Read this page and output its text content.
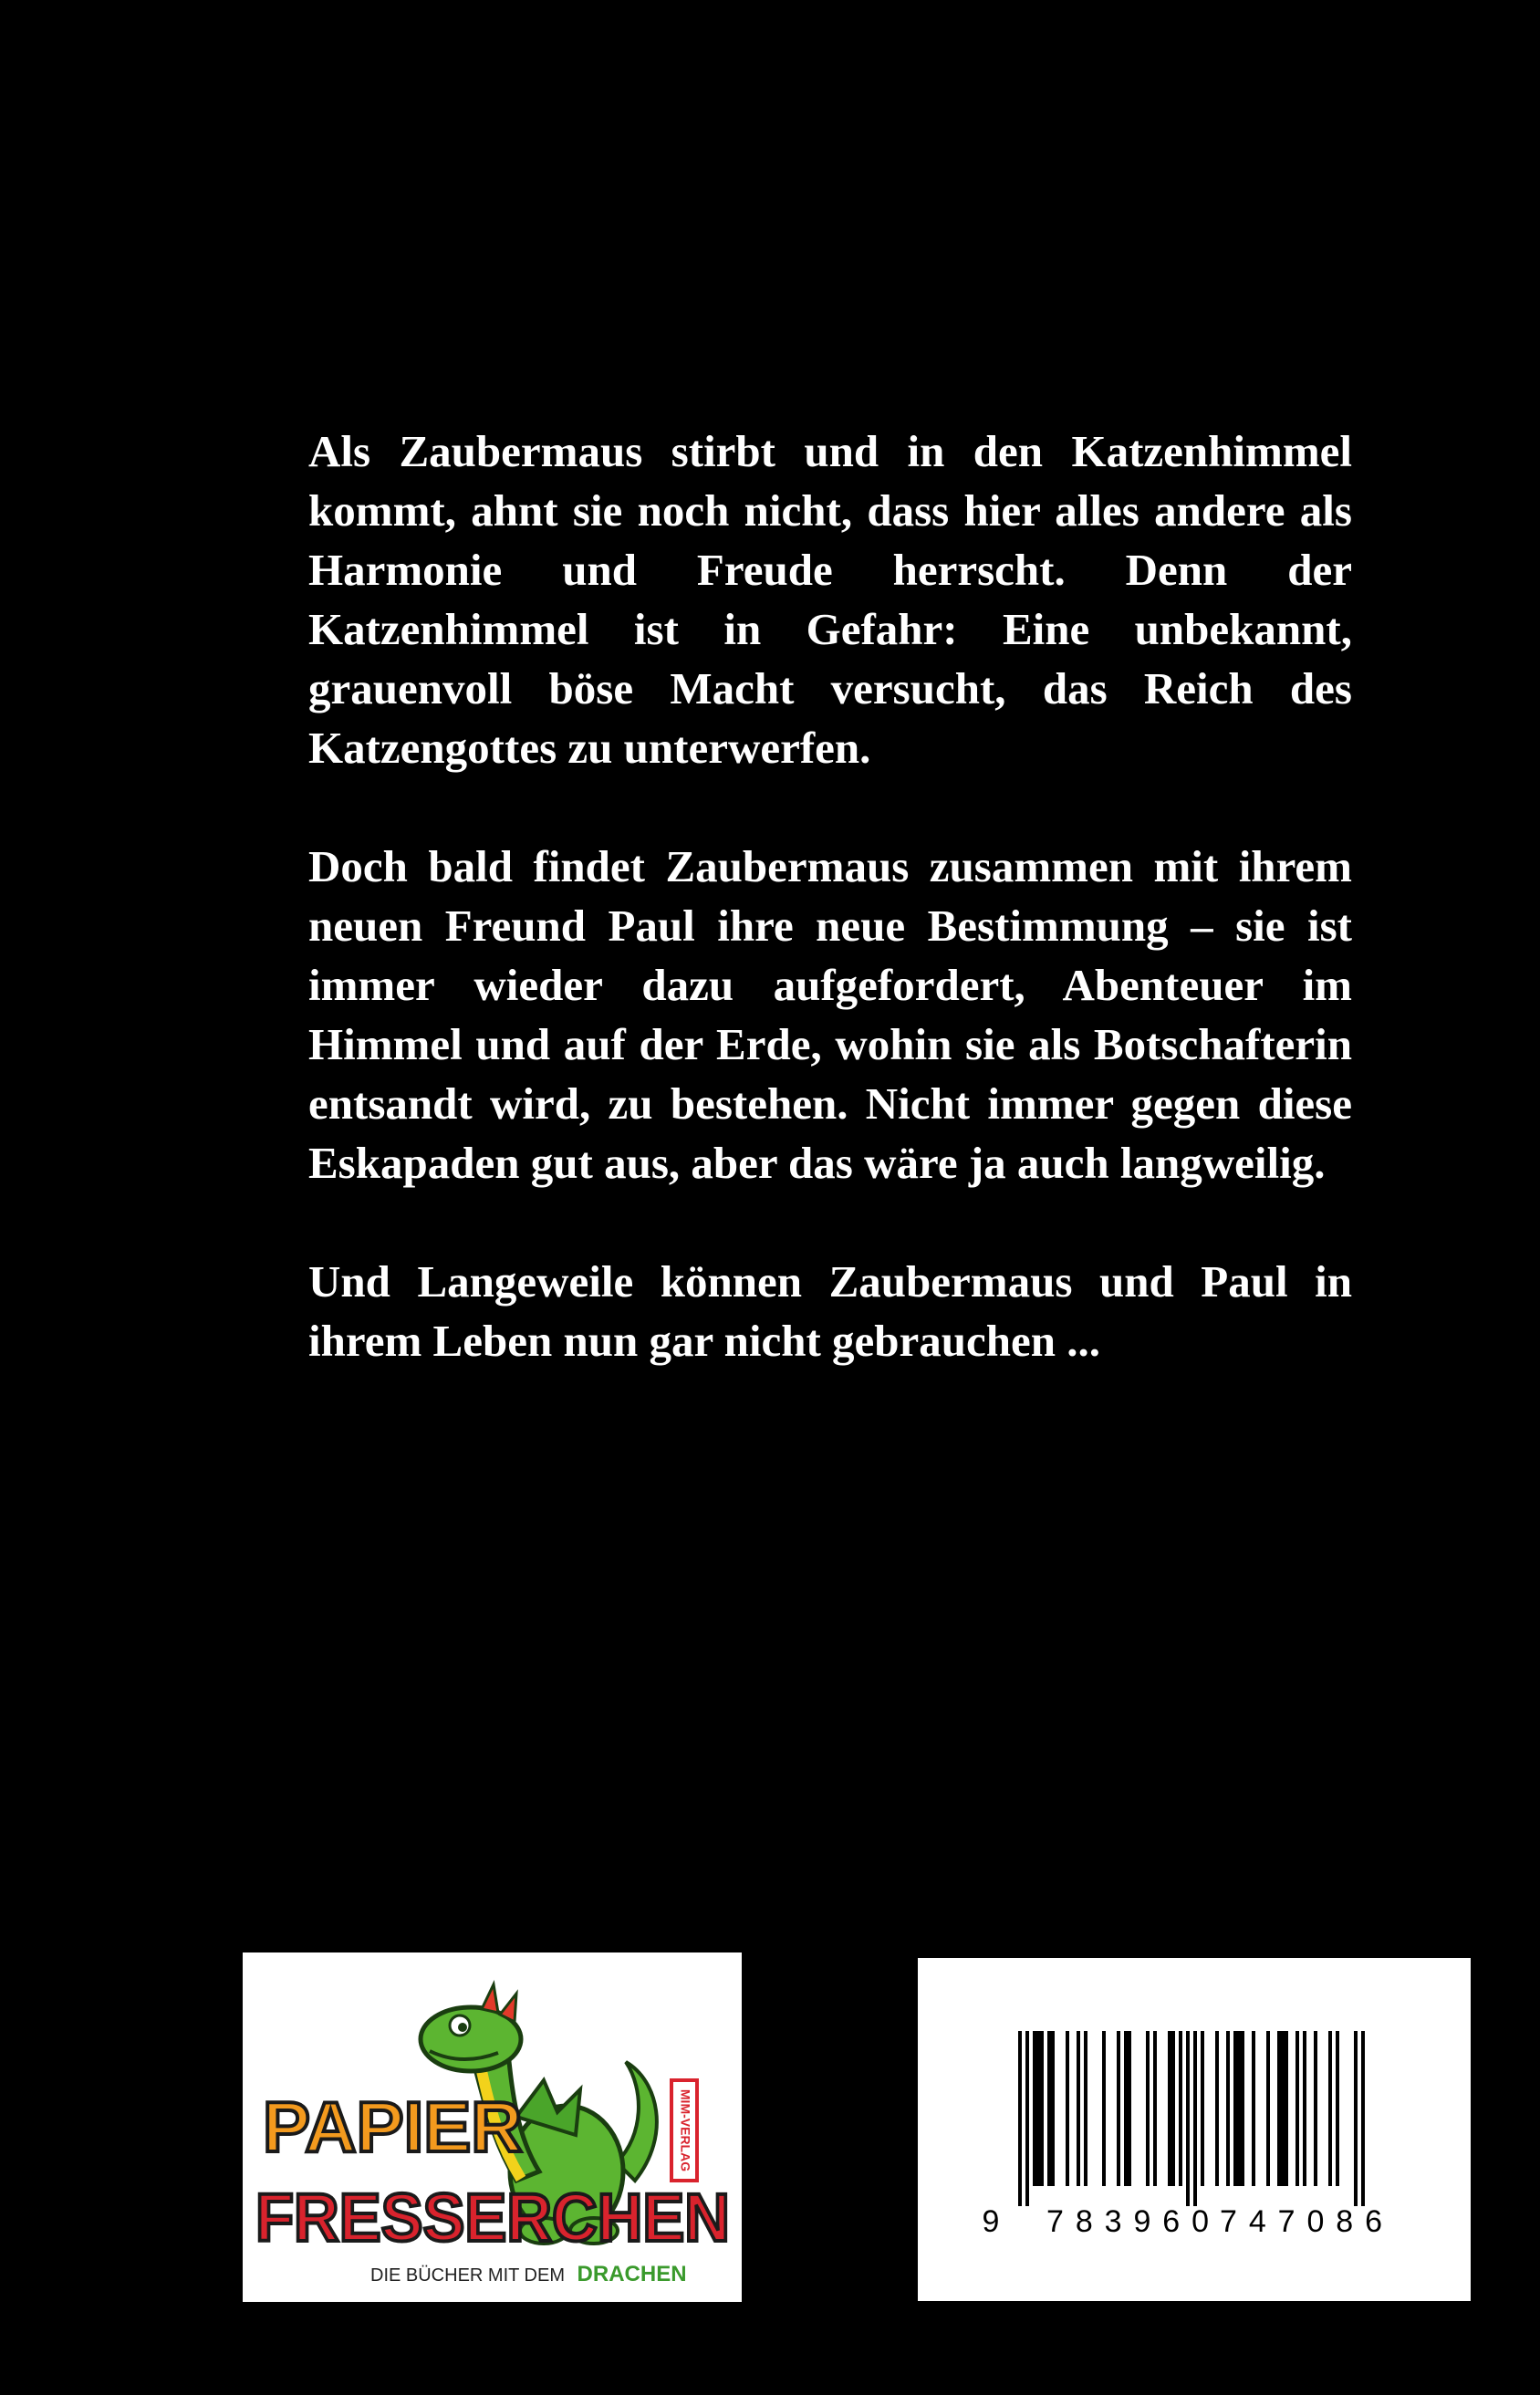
Als Zaubermaus stirbt und in den Katzenhimmel kommt, ahnt sie noch nicht, dass hier alles andere als Harmonie und Freude herrscht. Denn der Katzenhimmel ist in Gefahr: Eine unbekannt, grauenvoll böse Macht versucht, das Reich des Katzengottes zu unterwerfen.

Doch bald findet Zaubermaus zusammen mit ihrem neuen Freund Paul ihre neue Bestimmung – sie ist immer wieder dazu aufgefordert, Abenteuer im Himmel und auf der Erde, wohin sie als Botschafterin entsandt wird, zu bestehen. Nicht immer gegen diese Eskapaden gut aus, aber das wäre ja auch langweilig.

Und Langeweile können Zaubermaus und Paul in ihrem Leben nun gar nicht gebrauchen ...

MIM-VERLAG
PAPIER
FRESSERCHEN
DIE BÜCHER MIT DEM DRACHEN
9 783960 747086
